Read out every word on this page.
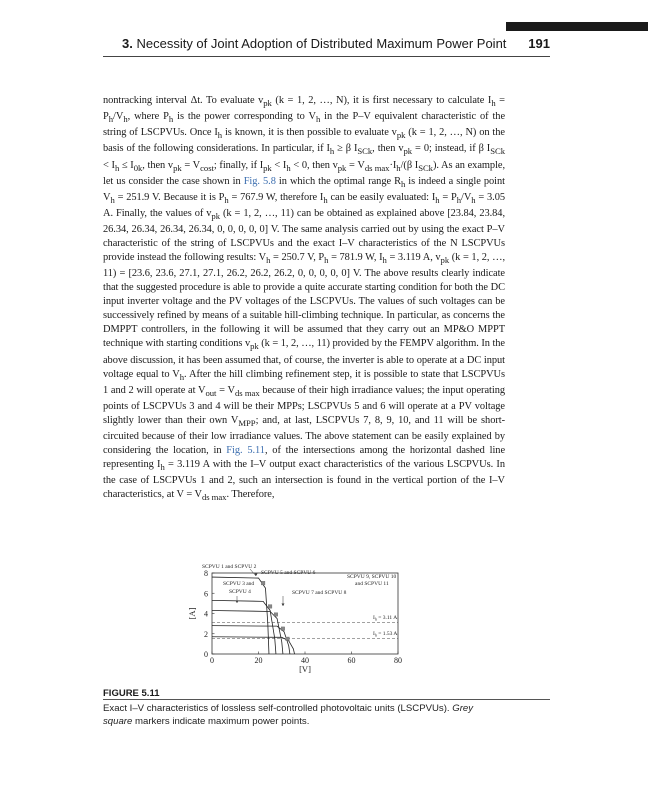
3. Necessity of Joint Adoption of Distributed Maximum Power Point 191

nontracking interval Δt. To evaluate $v_{pk}$ (k = 1, 2, …, N), it is first necessary to calculate $I_h = P_h/V_h$, where $P_h$ is the power corresponding to $V_h$ in the P–V equivalent characteristic of the string of LSCPVUs. Once $I_h$ is known, it is then possible to evaluate $v_{pk}$ (k = 1, 2, …, N) on the basis of the following considerations. In particular, if $I_h \ge \beta$ $I_{SCk}$, then $v_{pk} = 0$; instead, if β $I_{SCk} < I_h \le I_{0k}$, then $v_{pk} = V_{cost}$; finally, if $I_{pk} < I_h < 0$, then $v_{pk} = V_{ds max}\cdot I_h/(\beta$ $I_{SCk}$). As an example, let us consider the case shown in Fig. 5.8 in which the optimal range $R_h$ is indeed a single point $V_h = 251.9$ V. Because it is $P_h = 767.9$ W, therefore $I_h$ can be easily evaluated: $I_h = P_h/V_h = 3.05$ A. Finally, the values of $v_{pk}$ (k = 1, 2, …, 11) can be obtained as explained above [23.84, 23.84, 26.34, 26.34, 26.34, 26.34, 0, 0, 0, 0, 0] V. The same analysis carried out by using the exact P–V characteristic of the string of LSCPVUs and the exact I–V characteristics of the N LSCPVUs provide instead the following results: $V_h = 250.7$ V, $P_h = 781.9$ W, $I_h = 3.119$ A, $v_{pk}$ (k = 1, 2, …, 11) = [23.6, 23.6, 27.1, 27.1, 26.2, 26.2, 26.2, 0, 0, 0, 0, 0] V. The above results clearly indicate that the suggested procedure is able to provide a quite accurate starting condition for both the DC input inverter voltage and the PV voltages of the LSCPVUs. The values of such voltages can be successively refined by means of a suitable hill-climbing technique. In particular, as concerns the DMPPT controllers, in the following it will be assumed that they carry out an MP&O MPPT technique with starting conditions $v_{pk}$ (k = 1, 2, …, 11) provided by the FEMPV algorithm. In the above discussion, it has been assumed that, of course, the inverter is able to operate at a DC input voltage equal to $V_h$. After the hill climbing refinement step, it is possible to state that LSCPVUs 1 and 2 will operate at $V_{out} = V_{ds max}$ because of their high irradiance values; the input operating points of LSCPVUs 3 and 4 will be their MPPs; LSCPVUs 5 and 6 will operate at a PV voltage slightly lower than their own $V_{MPP}$; and, at last, LSCPVUs 7, 8, 9, 10, and 11 will be short-circuited because of their low irradiance values. The above statement can be easily explained by considering the location, in Fig. 5.11, of the intersections among the horizontal dashed line representing $I_h = 3.119$ A with the I–V output exact characteristics of the various LSCPVUs. In the case of LSCPVUs 1 and 2, such an intersection is found in the vertical portion of the I–V characteristics, at $V = V_{ds max}$. Therefore,

0	20	40	60	80
0
2
4
6
8
[V]
[A]
SCPVU 1 and SCPVU 2
SCPVU 5 and SCPVU 6
SCPVU 3 and
SCPVU 4	SCPVU 7 and SCPVU 8
SCPVU 9, SCPVU 10
and SCPVU 11
$I_h = 3.11$ A
$I_h = 1.53$ A

FIGURE 5.11

Exact I–V characteristics of lossless self-controlled photovoltaic units (LSCPVUs). Grey square markers indicate maximum power points.
